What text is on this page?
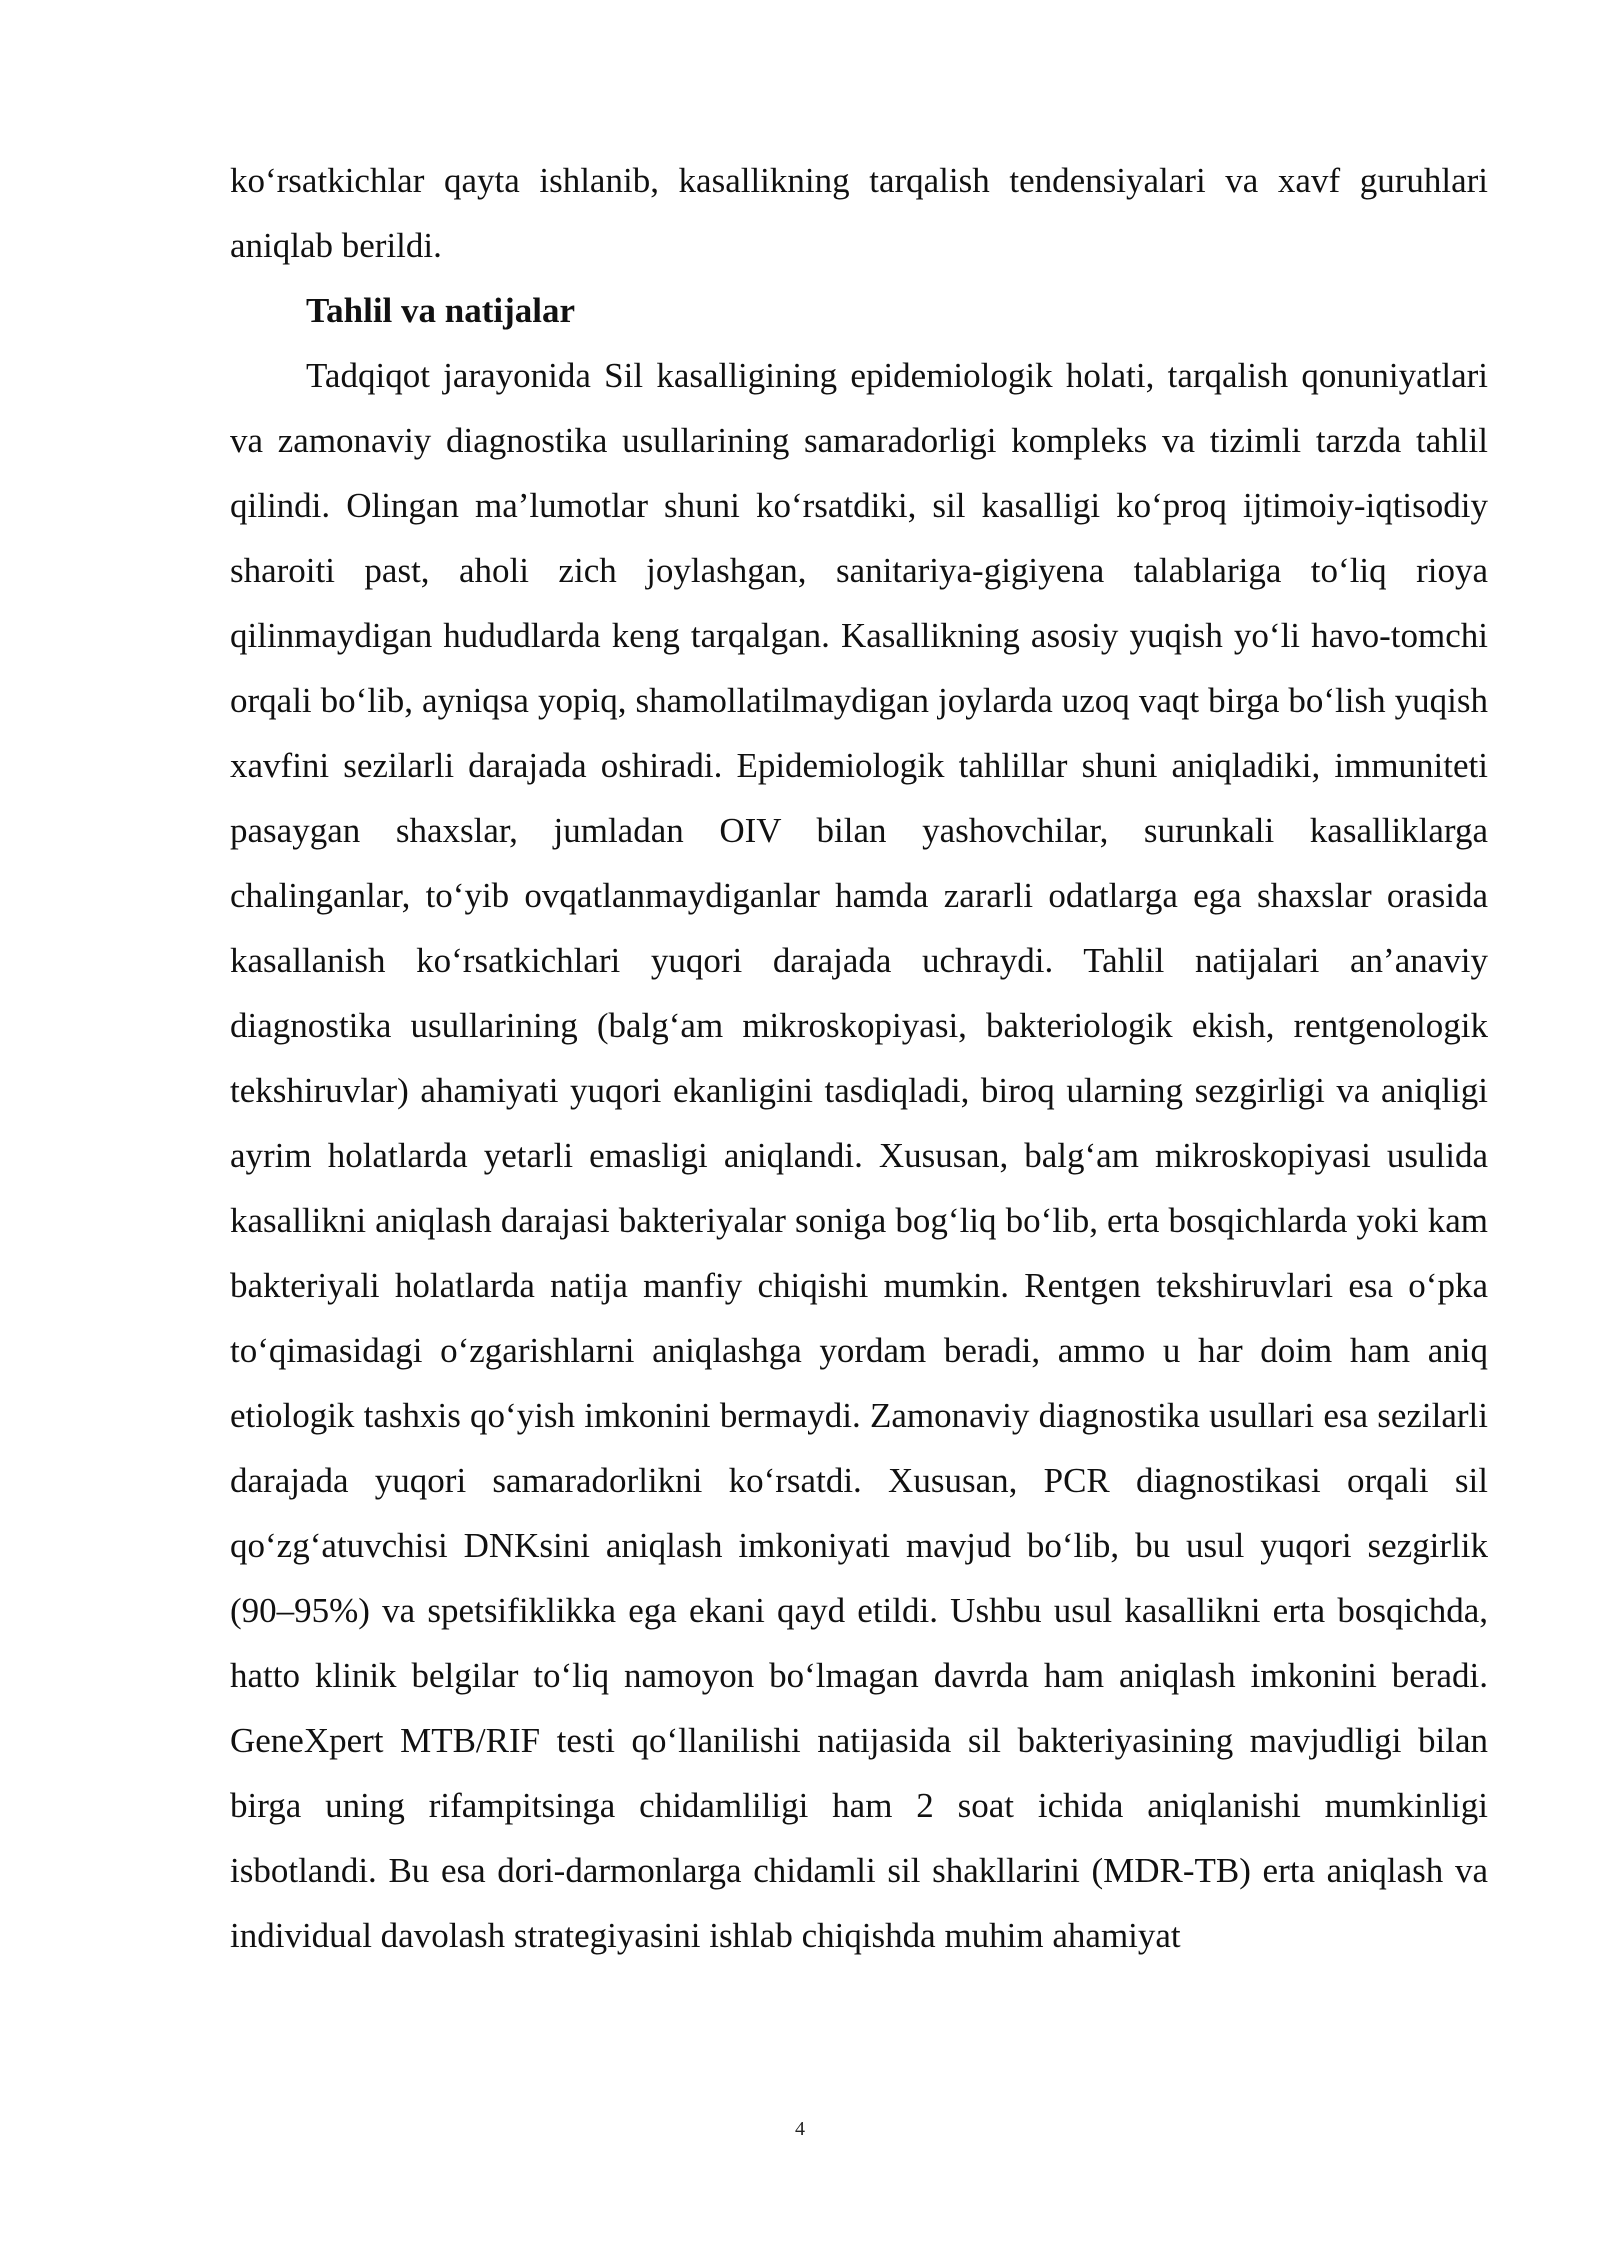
ko‘rsatkichlar qayta ishlanib, kasallikning tarqalish tendensiyalari va xavf guruhlari aniqlab berildi.

Tahlil va natijalar

Tadqiqot jarayonida Sil kasalligining epidemiologik holati, tarqalish qonuniyatlari va zamonaviy diagnostika usullarining samaradorligi kompleks va tizimli tarzda tahlil qilindi. Olingan ma’lumotlar shuni ko‘rsatdiki, sil kasalligi ko‘proq ijtimoiy-iqtisodiy sharoiti past, aholi zich joylashgan, sanitariya-gigiyena talablariga to‘liq rioya qilinmaydigan hududlarda keng tarqalgan. Kasallikning asosiy yuqish yo‘li havo-tomchi orqali bo‘lib, ayniqsa yopiq, shamollatilmaydigan joylarda uzoq vaqt birga bo‘lish yuqish xavfini sezilarli darajada oshiradi. Epidemiologik tahlillar shuni aniqladiki, immuniteti pasaygan shaxslar, jumladan OIV bilan yashovchilar, surunkali kasalliklarga chalinganlar, to‘yib ovqatlanmaydiganlar hamda zararli odatlarga ega shaxslar orasida kasallanish ko‘rsatkichlari yuqori darajada uchraydi. Tahlil natijalari an’anaviy diagnostika usullarining (balg‘am mikroskopiyasi, bakteriologik ekish, rentgenologik tekshiruvlar) ahamiyati yuqori ekanligini tasdiqladi, biroq ularning sezgirligi va aniqligi ayrim holatlarda yetarli emasligi aniqlandi. Xususan, balg‘am mikroskopiyasi usulida kasallikni aniqlash darajasi bakteriyalar soniga bog‘liq bo‘lib, erta bosqichlarda yoki kam bakteriyali holatlarda natija manfiy chiqishi mumkin. Rentgen tekshiruvlari esa o‘pka to‘qimasidagi o‘zgarishlarni aniqlashga yordam beradi, ammo u har doim ham aniq etiologik tashxis qo‘yish imkonini bermaydi. Zamonaviy diagnostika usullari esa sezilarli darajada yuqori samaradorlikni ko‘rsatdi. Xususan, PCR diagnostikasi orqali sil qo‘zg‘atuvchisi DNKsini aniqlash imkoniyati mavjud bo‘lib, bu usul yuqori sezgirlik (90–95%) va spetsifiklikka ega ekani qayd etildi. Ushbu usul kasallikni erta bosqichda, hatto klinik belgilar to‘liq namoyon bo‘lmagan davrda ham aniqlash imkonini beradi. GeneXpert MTB/RIF testi qo‘llanilishi natijasida sil bakteriyasining mavjudligi bilan birga uning rifampitsinga chidamliligi ham 2 soat ichida aniqlanishi mumkinligi isbotlandi. Bu esa dori-darmonlarga chidamli sil shakllarini (MDR-TB) erta aniqlash va individual davolash strategiyasini ishlab chiqishda muhim ahamiyat

4
